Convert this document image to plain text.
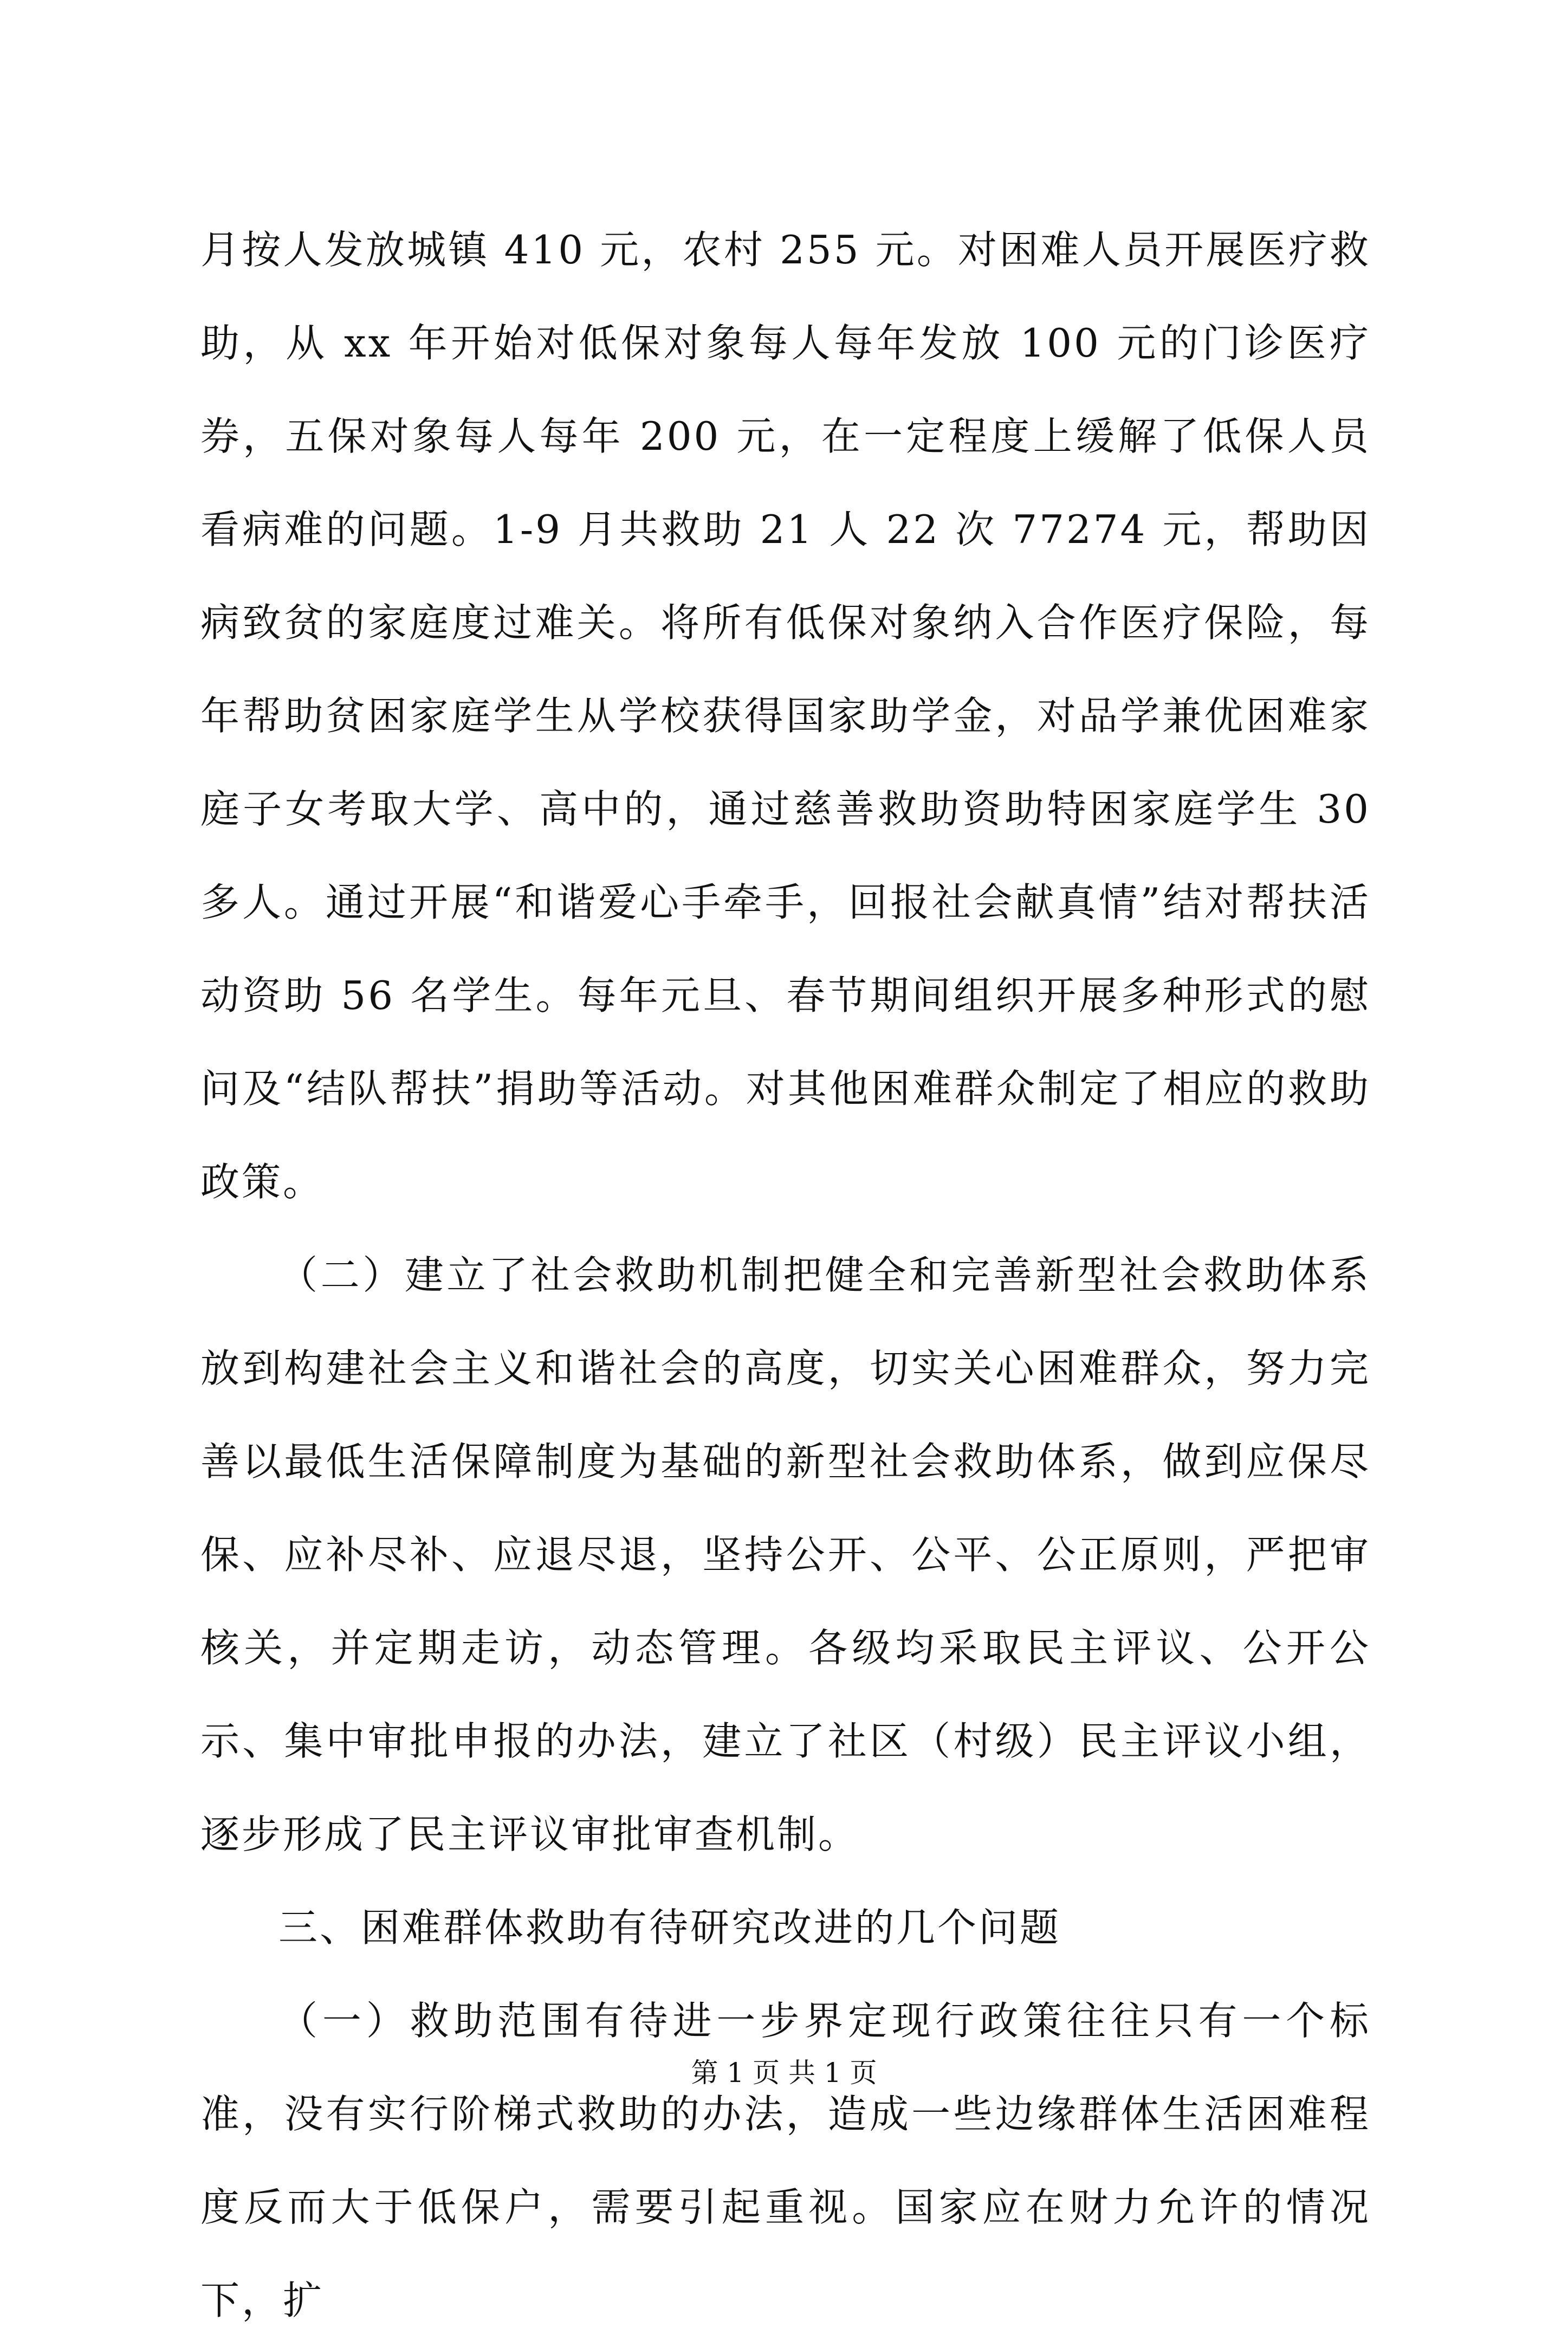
月按人发放城镇 410 元，农村 255 元。对困难人员开展医疗救助，从 xx 年开始对低保对象每人每年发放 100 元的门诊医疗券，五保对象每人每年 200 元，在一定程度上缓解了低保人员看病难的问题。1-9 月共救助 21 人 22 次 77274 元，帮助因病致贫的家庭度过难关。将所有低保对象纳入合作医疗保险，每年帮助贫困家庭学生从学校获得国家助学金，对品学兼优困难家庭子女考取大学、高中的，通过慈善救助资助特困家庭学生 30 多人。通过开展“和谐爱心手牵手，回报社会献真情”结对帮扶活动资助 56 名学生。每年元旦、春节期间组织开展多种形式的慰问及“结队帮扶”捐助等活动。对其他困难群众制定了相应的救助政策。

（二）建立了社会救助机制把健全和完善新型社会救助体系放到构建社会主义和谐社会的高度，切实关心困难群众，努力完善以最低生活保障制度为基础的新型社会救助体系，做到应保尽保、应补尽补、应退尽退，坚持公开、公平、公正原则，严把审核关，并定期走访，动态管理。各级均采取民主评议、公开公示、集中审批申报的办法，建立了社区（村级）民主评议小组，逐步形成了民主评议审批审查机制。

三、困难群体救助有待研究改进的几个问题

（一）救助范围有待进一步界定现行政策往往只有一个标准，没有实行阶梯式救助的办法，造成一些边缘群体生活困难程度反而大于低保户，需要引起重视。国家应在财力允许的情况下，扩

第 1 页 共 1 页
